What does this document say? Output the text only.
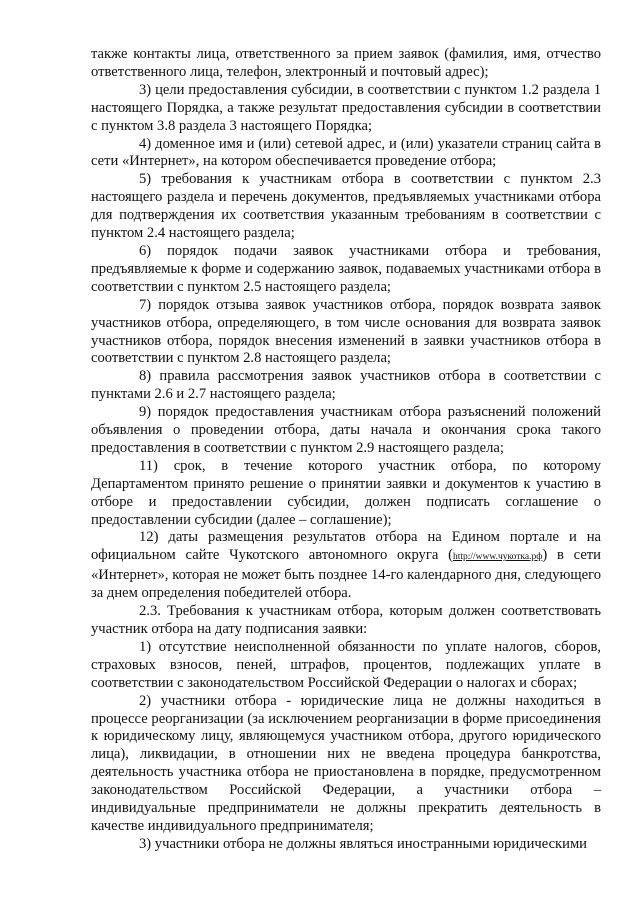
также контакты лица, ответственного за прием заявок (фамилия, имя, отчество ответственного лица, телефон, электронный и почтовый адрес);

3) цели предоставления субсидии, в соответствии с пунктом 1.2 раздела 1 настоящего Порядка, а также результат предоставления субсидии в соответствии с пунктом 3.8 раздела 3 настоящего Порядка;

4) доменное имя и (или) сетевой адрес, и (или) указатели страниц сайта в сети «Интернет», на котором обеспечивается проведение отбора;

5) требования к участникам отбора в соответствии с пунктом 2.3 настоящего раздела и перечень документов, предъявляемых участниками отбора для подтверждения их соответствия указанным требованиям в соответствии с пунктом 2.4 настоящего раздела;

6) порядок подачи заявок участниками отбора и требования, предъявляемые к форме и содержанию заявок, подаваемых участниками отбора в соответствии с пунктом 2.5 настоящего раздела;

7) порядок отзыва заявок участников отбора, порядок возврата заявок участников отбора, определяющего, в том числе основания для возврата заявок участников отбора, порядок внесения изменений в заявки участников отбора в соответствии с пунктом 2.8 настоящего раздела;

8) правила рассмотрения заявок участников отбора в соответствии с пунктами 2.6 и 2.7 настоящего раздела;

9) порядок предоставления участникам отбора разъяснений положений объявления о проведении отбора, даты начала и окончания срока такого предоставления в соответствии с пунктом 2.9 настоящего раздела;

11) срок, в течение которого участник отбора, по которому Департаментом принято решение о принятии заявки и документов к участию в отборе и предоставлении субсидии, должен подписать соглашение о предоставлении субсидии (далее – соглашение);

12) даты размещения результатов отбора на Едином портале и на официальном сайте Чукотского автономного округа (http://www.чукотка.рф) в сети «Интернет», которая не может быть позднее 14-го календарного дня, следующего за днем определения победителей отбора.

2.3. Требования к участникам отбора, которым должен соответствовать участник отбора на дату подписания заявки:

1) отсутствие неисполненной обязанности по уплате налогов, сборов, страховых взносов, пеней, штрафов, процентов, подлежащих уплате в соответствии с законодательством Российской Федерации о налогах и сборах;

2) участники отбора - юридические лица не должны находиться в процессе реорганизации (за исключением реорганизации в форме присоединения к юридическому лицу, являющемуся участником отбора, другого юридического лица), ликвидации, в отношении них не введена процедура банкротства, деятельность участника отбора не приостановлена в порядке, предусмотренном законодательством Российской Федерации, а участники отбора – индивидуальные предприниматели не должны прекратить деятельность в качестве индивидуального предпринимателя;

3) участники отбора не должны являться иностранными юридическими
